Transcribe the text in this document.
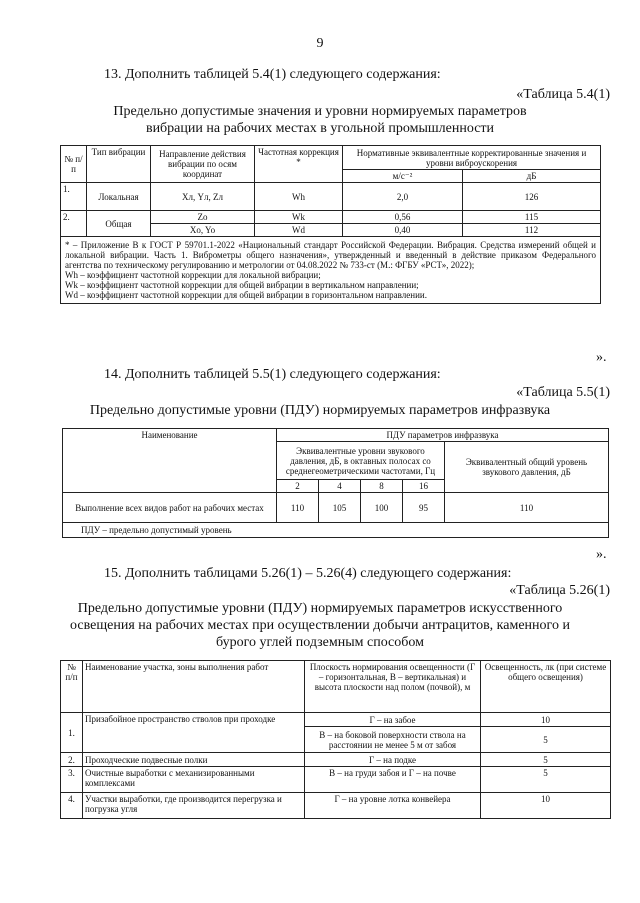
9
13. Дополнить таблицей 5.4(1) следующего содержания:
«Таблица 5.4(1)
Предельно допустимые значения и уровни нормируемых параметров
вибрации на рабочих местах в угольной промышленности
№ п/п	Тип вибрации	Направление действия вибрации по осям координат	Частотная коррекция *	Нормативные эквивалентные корректированные значения и уровни виброускорения	
				м/с⁻²	дБ
1.	Локальная	Xл, Yл, Zл	Wh	2,0	126
2.	Общая	Zo	Wk	0,56	115
		Xo, Yo	Wd	0,40	112

* – Приложение В к ГОСТ Р 59701.1-2022 «Национальный стандарт Российской Федерации. Вибрация. Средства измерений общей и локальной вибрации. Часть 1. Виброметры общего назначения», утвержденный и введенный в действие приказом Федерального агентства по техническому регулированию и метрологии от 04.08.2022 № 733-ст (М.: ФГБУ «РСТ», 2022);
Wh – коэффициент частотной коррекции для локальной вибрации;
Wk – коэффициент частотной коррекции для общей вибрации в вертикальном направлении;
Wd – коэффициент частотной коррекции для общей вибрации в горизонтальном направлении.					
».
14. Дополнить таблицей 5.5(1) следующего содержания:
«Таблица 5.5(1)
Предельно допустимые уровни (ПДУ) нормируемых параметров инфразвука
Наименование	ПДУ параметров инфразвука				
	Эквивалентные уровни звукового давления, дБ, в октавных полосах со среднегеометрическими частотами, Гц				Эквивалентный общий уровень звукового давления, дБ
	2	4	8	16	
Выполнение всех видов работ на рабочих местах	110	105	100	95	110
ПДУ – предельно допустимый уровень					
».
15. Дополнить таблицами 5.26(1) – 5.26(4) следующего содержания:
«Таблица 5.26(1)
Предельно допустимые уровни (ПДУ) нормируемых параметров искусственного
освещения на рабочих местах при осуществлении добычи антрацитов, каменного и
бурого углей подземным способом
№ п/п	Наименование участка, зоны выполнения работ	Плоскость нормирования освещенности (Г – горизонтальная, В – вертикальная) и высота плоскости над полом (почвой), м	Освещенность, лк (при системе общего освещения)
1.	Призабойное пространство стволов при проходке	Г – на забое	10
		В – на боковой поверхности ствола на расстоянии не менее 5 м от забоя	5
2.	Проходческие подвесные полки	Г – на подке	5
3.	Очистные выработки с механизированными комплексами	В – на груди забоя и Г – на почве	5
4.	Участки выработки, где производится перегрузка и погрузка угля	Г – на уровне лотка конвейера	10
